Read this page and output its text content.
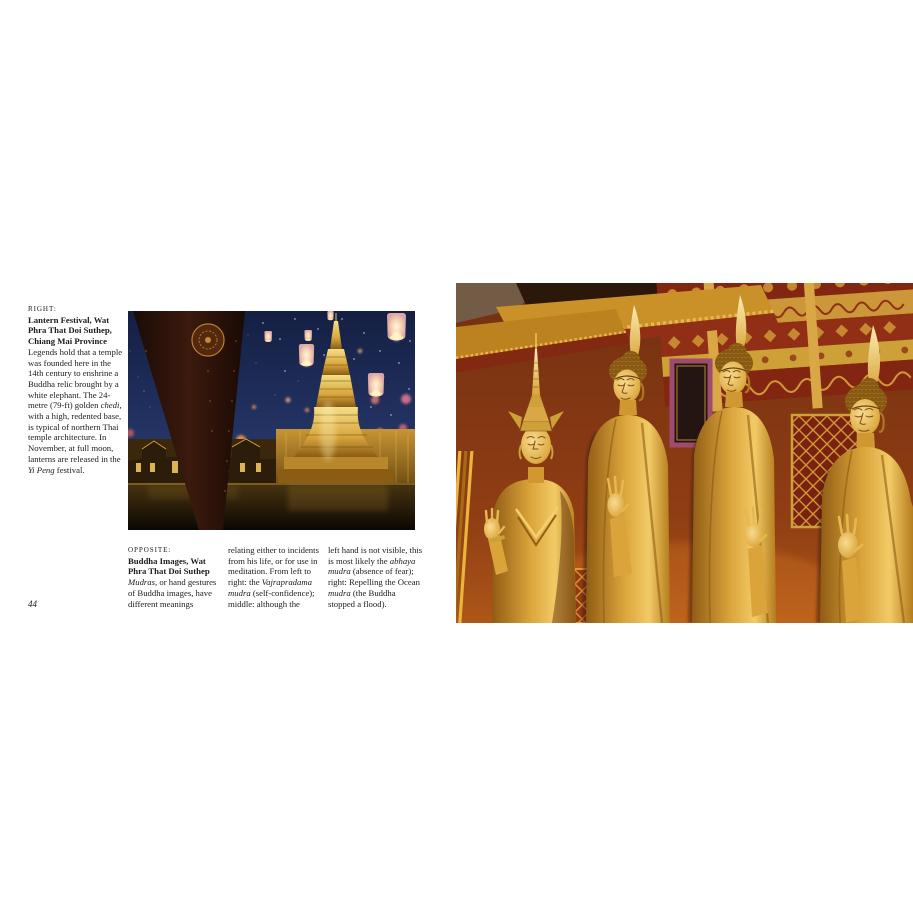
RIGHT:

Lantern Festival, Wat Phra That Doi Suthep, Chiang Mai Province

Legends hold that a temple was founded here in the 14th century to enshrine a Buddha relic brought by a white elephant. The 24-metre (79-ft) golden chedi, with a high, redented base, is typical of northern Thai temple architecture. In November, at full moon, lanterns are released in the Yi Peng festival.

OPPOSITE:

Buddha Images, Wat Phra That Doi Suthep

Mudras, or hand gestures of Buddha images, have different meanings

relating either to incidents from his life, or for use in meditation. From left to right: the Vajrapradama mudra (self-confidence); middle: although the

left hand is not visible, this is most likely the abhaya mudra (absence of fear); right: Repelling the Ocean mudra (the Buddha stopped a flood).

44
